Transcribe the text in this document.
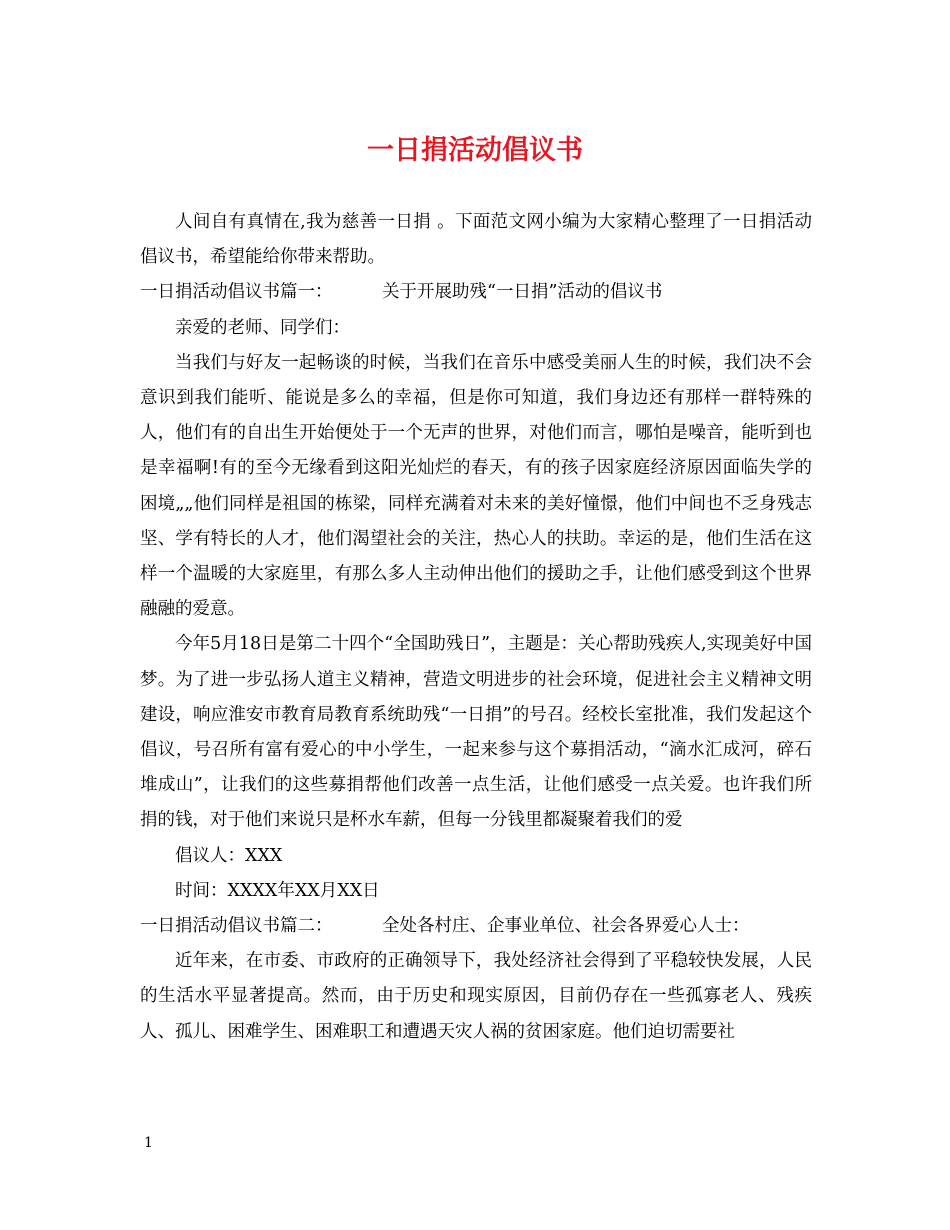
一日捐活动倡议书

人间自有真情在,我为慈善一日捐 。下面范文网小编为大家精心整理了一日捐活动倡议书，希望能给你带来帮助。

一日捐活动倡议书篇一：	关于开展助残“一日捐”活动的倡议书

亲爱的老师、同学们：

当我们与好友一起畅谈的时候，当我们在音乐中感受美丽人生的时候，我们决不会意识到我们能听、能说是多么的幸福，但是你可知道，我们身边还有那样一群特殊的人，他们有的自出生开始便处于一个无声的世界，对他们而言，哪怕是噪音，能听到也是幸福啊!有的至今无缘看到这阳光灿烂的春天，有的孩子因家庭经济原因面临失学的困境„„他们同样是祖国的栋梁，同样充满着对未来的美好憧憬，他们中间也不乏身残志坚、学有特长的人才，他们渴望社会的关注，热心人的扶助。幸运的是，他们生活在这样一个温暖的大家庭里，有那么多人主动伸出他们的援助之手，让他们感受到这个世界融融的爱意。

今年5月18日是第二十四个“全国助残日”，主题是：关心帮助残疾人,实现美好中国梦。为了进一步弘扬人道主义精神，营造文明进步的社会环境，促进社会主义精神文明建设，响应淮安市教育局教育系统助残“一日捐”的号召。经校长室批准，我们发起这个倡议，号召所有富有爱心的中小学生，一起来参与这个募捐活动，“滴水汇成河，碎石堆成山”，让我们的这些募捐帮他们改善一点生活，让他们感受一点关爱。也许我们所捐的钱，对于他们来说只是杯水车薪，但每一分钱里都凝聚着我们的爱

倡议人：XXX

时间：XXXX年XX月XX日

一日捐活动倡议书篇二：	全处各村庄、企事业单位、社会各界爱心人士：

近年来，在市委、市政府的正确领导下，我处经济社会得到了平稳较快发展，人民的生活水平显著提高。然而，由于历史和现实原因，目前仍存在一些孤寡老人、残疾人、孤儿、困难学生、困难职工和遭遇天灾人祸的贫困家庭。他们迫切需要社

1
